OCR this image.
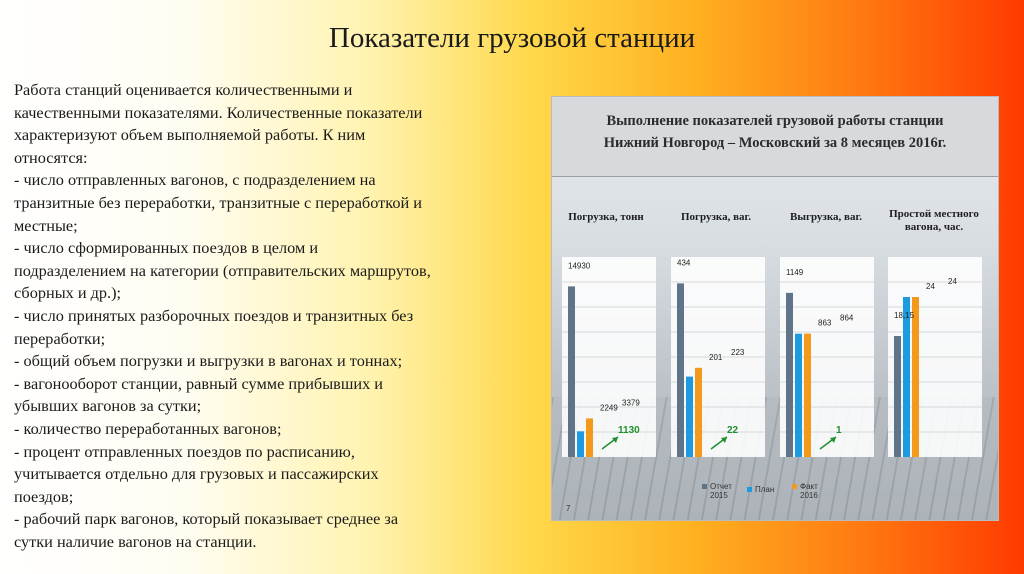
Показатели грузовой станции
Работа станций оценивается количественными и
качественными показателями. Количественные показатели
характеризуют объем выполняемой работы. К ним
относятся:
- число отправленных вагонов, с подразделением на
транзитные без переработки, транзитные с переработкой и
местные;
- число сформированных поездов в целом и
подразделением на категории (отправительских маршрутов,
сборных и др.);
- число принятых разборочных поездов и транзитных без
переработки;
- общий объем погрузки и выгрузки в вагонах и тоннах;
- вагонооборот станции, равный сумме прибывших и
убывших вагонов за сутки;
- количество переработанных вагонов;
- процент отправленных поездов по расписанию,
учитывается отдельно для грузовых и пассажирских
поездов;
- рабочий парк вагонов, который показывает среднее за
сутки наличие вагонов на станции.
Выполнение показателей грузовой работы станции
Нижний Новгород – Московский за 8 месяцев 2016г.
Погрузка, тонн	Погрузка, ваг.	Выгрузка, ваг.	Простой местного вагона, час.
14930
2249
3379
1130
434
201
223
22
1149
863
864
1
18,15
24
24
Отчет
2015
План	Факт
2016
7
